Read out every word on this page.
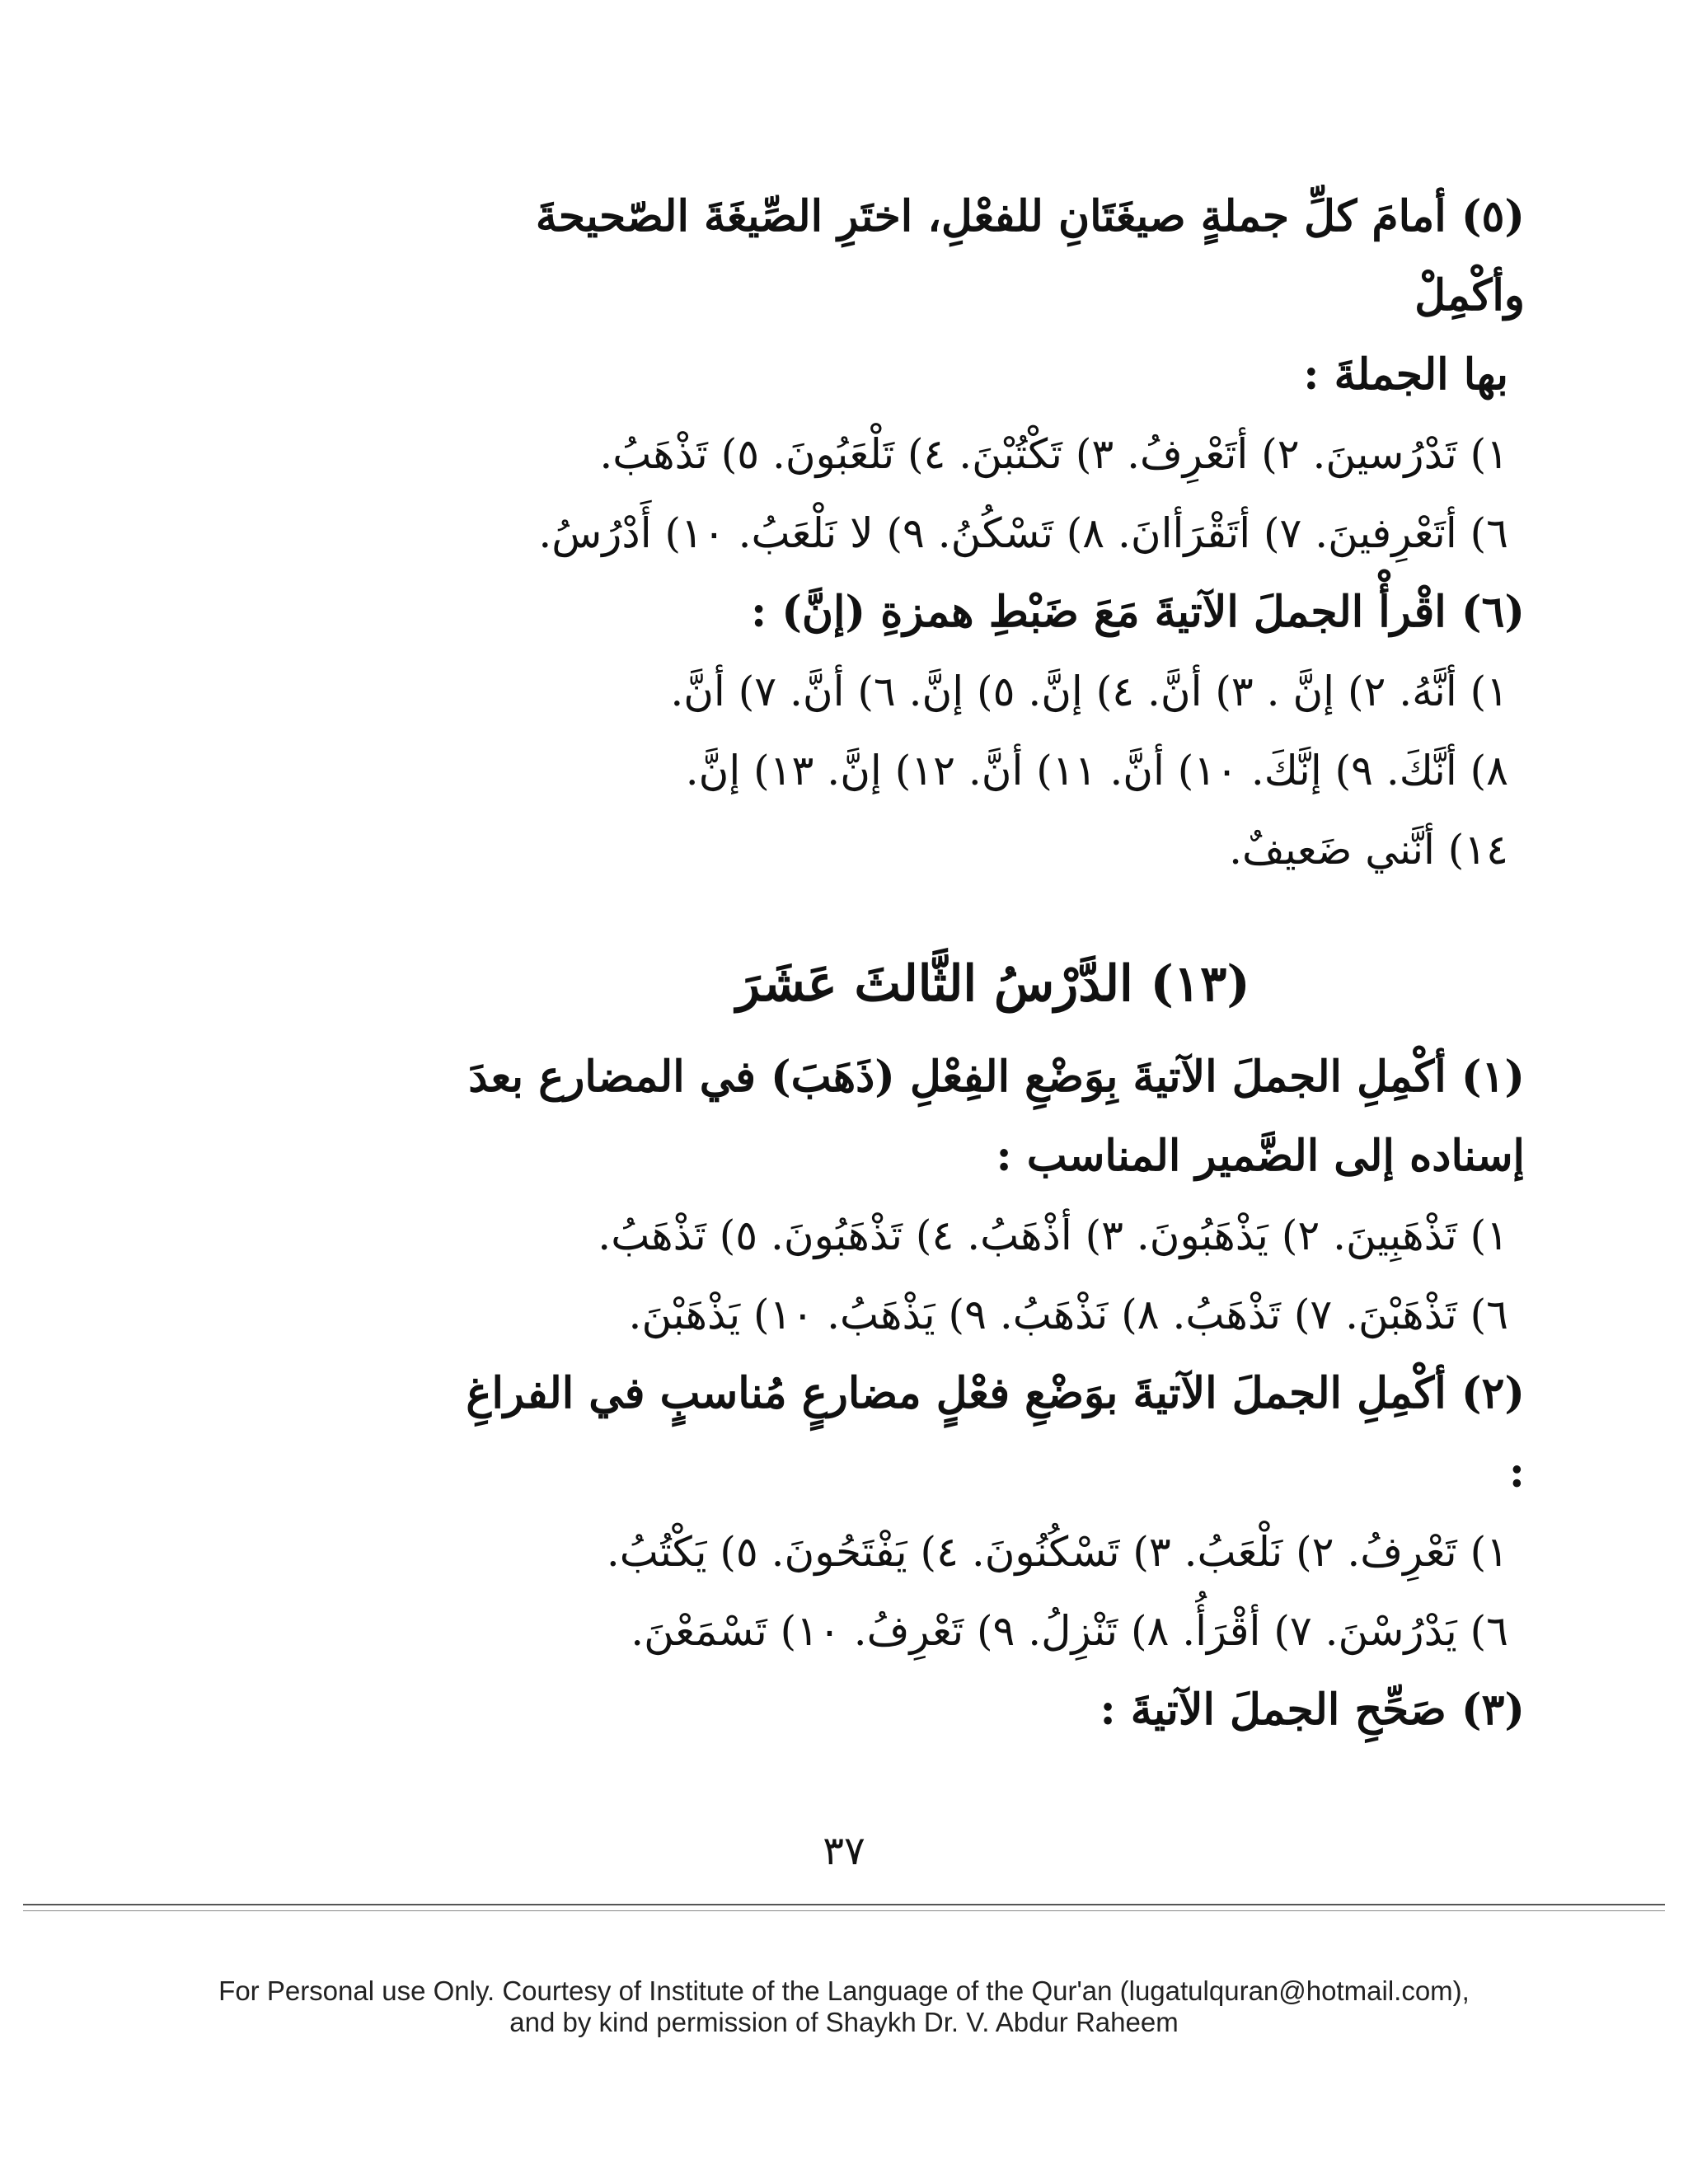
(٥) أمامَ كلِّ جملةٍ صيغَتَانِ للفعْلِ، اختَرِ الصِّيغَةَ الصّحيحةَ وأكْمِلْ

بها الجملةَ :

١) تَدْرُسينَ. ٢) أتَعْرِفُ. ٣) تَكْتُبْنَ. ٤) تَلْعَبُونَ. ٥) تَذْهَبُ.

٦) أتَعْرِفينَ. ٧) أتَقْرَأانَ. ٨) تَسْكُنُ. ٩) لا نَلْعَبُ. ١٠) أَدْرُسُ.

(٦) اقْرأْ الجملَ الآتيةَ مَعَ ضَبْطِ همزةِ (إنَّ) :

١) أنَّهُ. ٢) إنَّ . ٣) أنَّ. ٤) إنَّ. ٥) إنَّ. ٦) أنَّ. ٧) أنَّ.

٨) أنَّكَ. ٩) إنَّكَ. ١٠) أنَّ. ١١) أنَّ. ١٢) إنَّ. ١٣) إنَّ.

١٤) أنَّني ضَعيفٌ.

(١٣) الدَّرْسُ الثَّالثَ عَشَرَ

(١) أكْمِلِ الجملَ الآتيةَ بِوَضْعِ الفِعْلِ (ذَهَبَ) في المضارع بعدَ

إسناده إلى الضَّمير المناسب :

١) تَذْهَبِينَ. ٢) يَذْهَبُونَ. ٣) أذْهَبُ. ٤) تَذْهَبُونَ. ٥) تَذْهَبُ.

٦) تَذْهَبْنَ. ٧) تَذْهَبُ. ٨) نَذْهَبُ. ٩) يَذْهَبُ. ١٠) يَذْهَبْنَ.

(٢) أكْمِلِ الجملَ الآتيةَ بوَضْعِ فعْلٍ مضارعٍ مُناسبٍ في الفراغِ :

١) تَعْرِفُ. ٢) نَلْعَبُ. ٣) تَسْكُنُونَ. ٤) يَفْتَحُونَ. ٥) يَكْتُبُ.

٦) يَدْرُسْنَ. ٧) أقْرَأُ. ٨) تَنْزِلُ. ٩) تَعْرِفُ. ١٠) تَسْمَعْنَ.

(٣) صَحِّحِ الجملَ الآتيةَ :

٣٧
For Personal use Only. Courtesy of Institute of the Language of the Qur'an (lugatulquran@hotmail.com),
and by kind permission of Shaykh Dr. V. Abdur Raheem
